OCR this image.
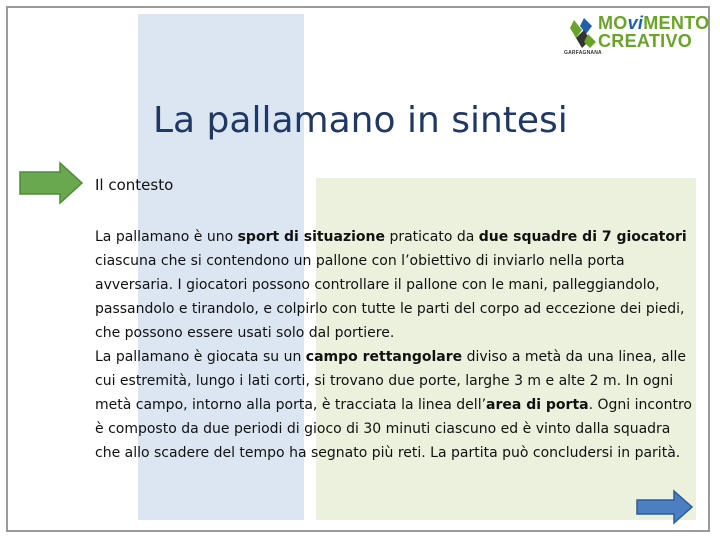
GARFAGNANA
MOviMENTO
CREATIVO
La pallamano in sintesi
Il contesto
La pallamano è uno sport di situazione praticato da due squadre di 7 giocatori ciascuna che si contendono un pallone con l’obiettivo di inviarlo nella porta avversaria. I giocatori possono controllare il pallone con le mani, palleggiandolo, passandolo e tirandolo, e colpirlo con tutte le parti del corpo ad eccezione dei piedi, che possono essere usati solo dal portiere.
La pallamano è giocata su un campo rettangolare diviso a metà da una linea, alle cui estremità, lungo i lati corti, si trovano due porte, larghe 3 m e alte 2 m. In ogni metà campo, intorno alla porta, è tracciata la linea dell’area di porta. Ogni incontro è composto da due periodi di gioco di 30 minuti ciascuno ed è vinto dalla squadra che allo scadere del tempo ha segnato più reti. La partita può concludersi in parità.
